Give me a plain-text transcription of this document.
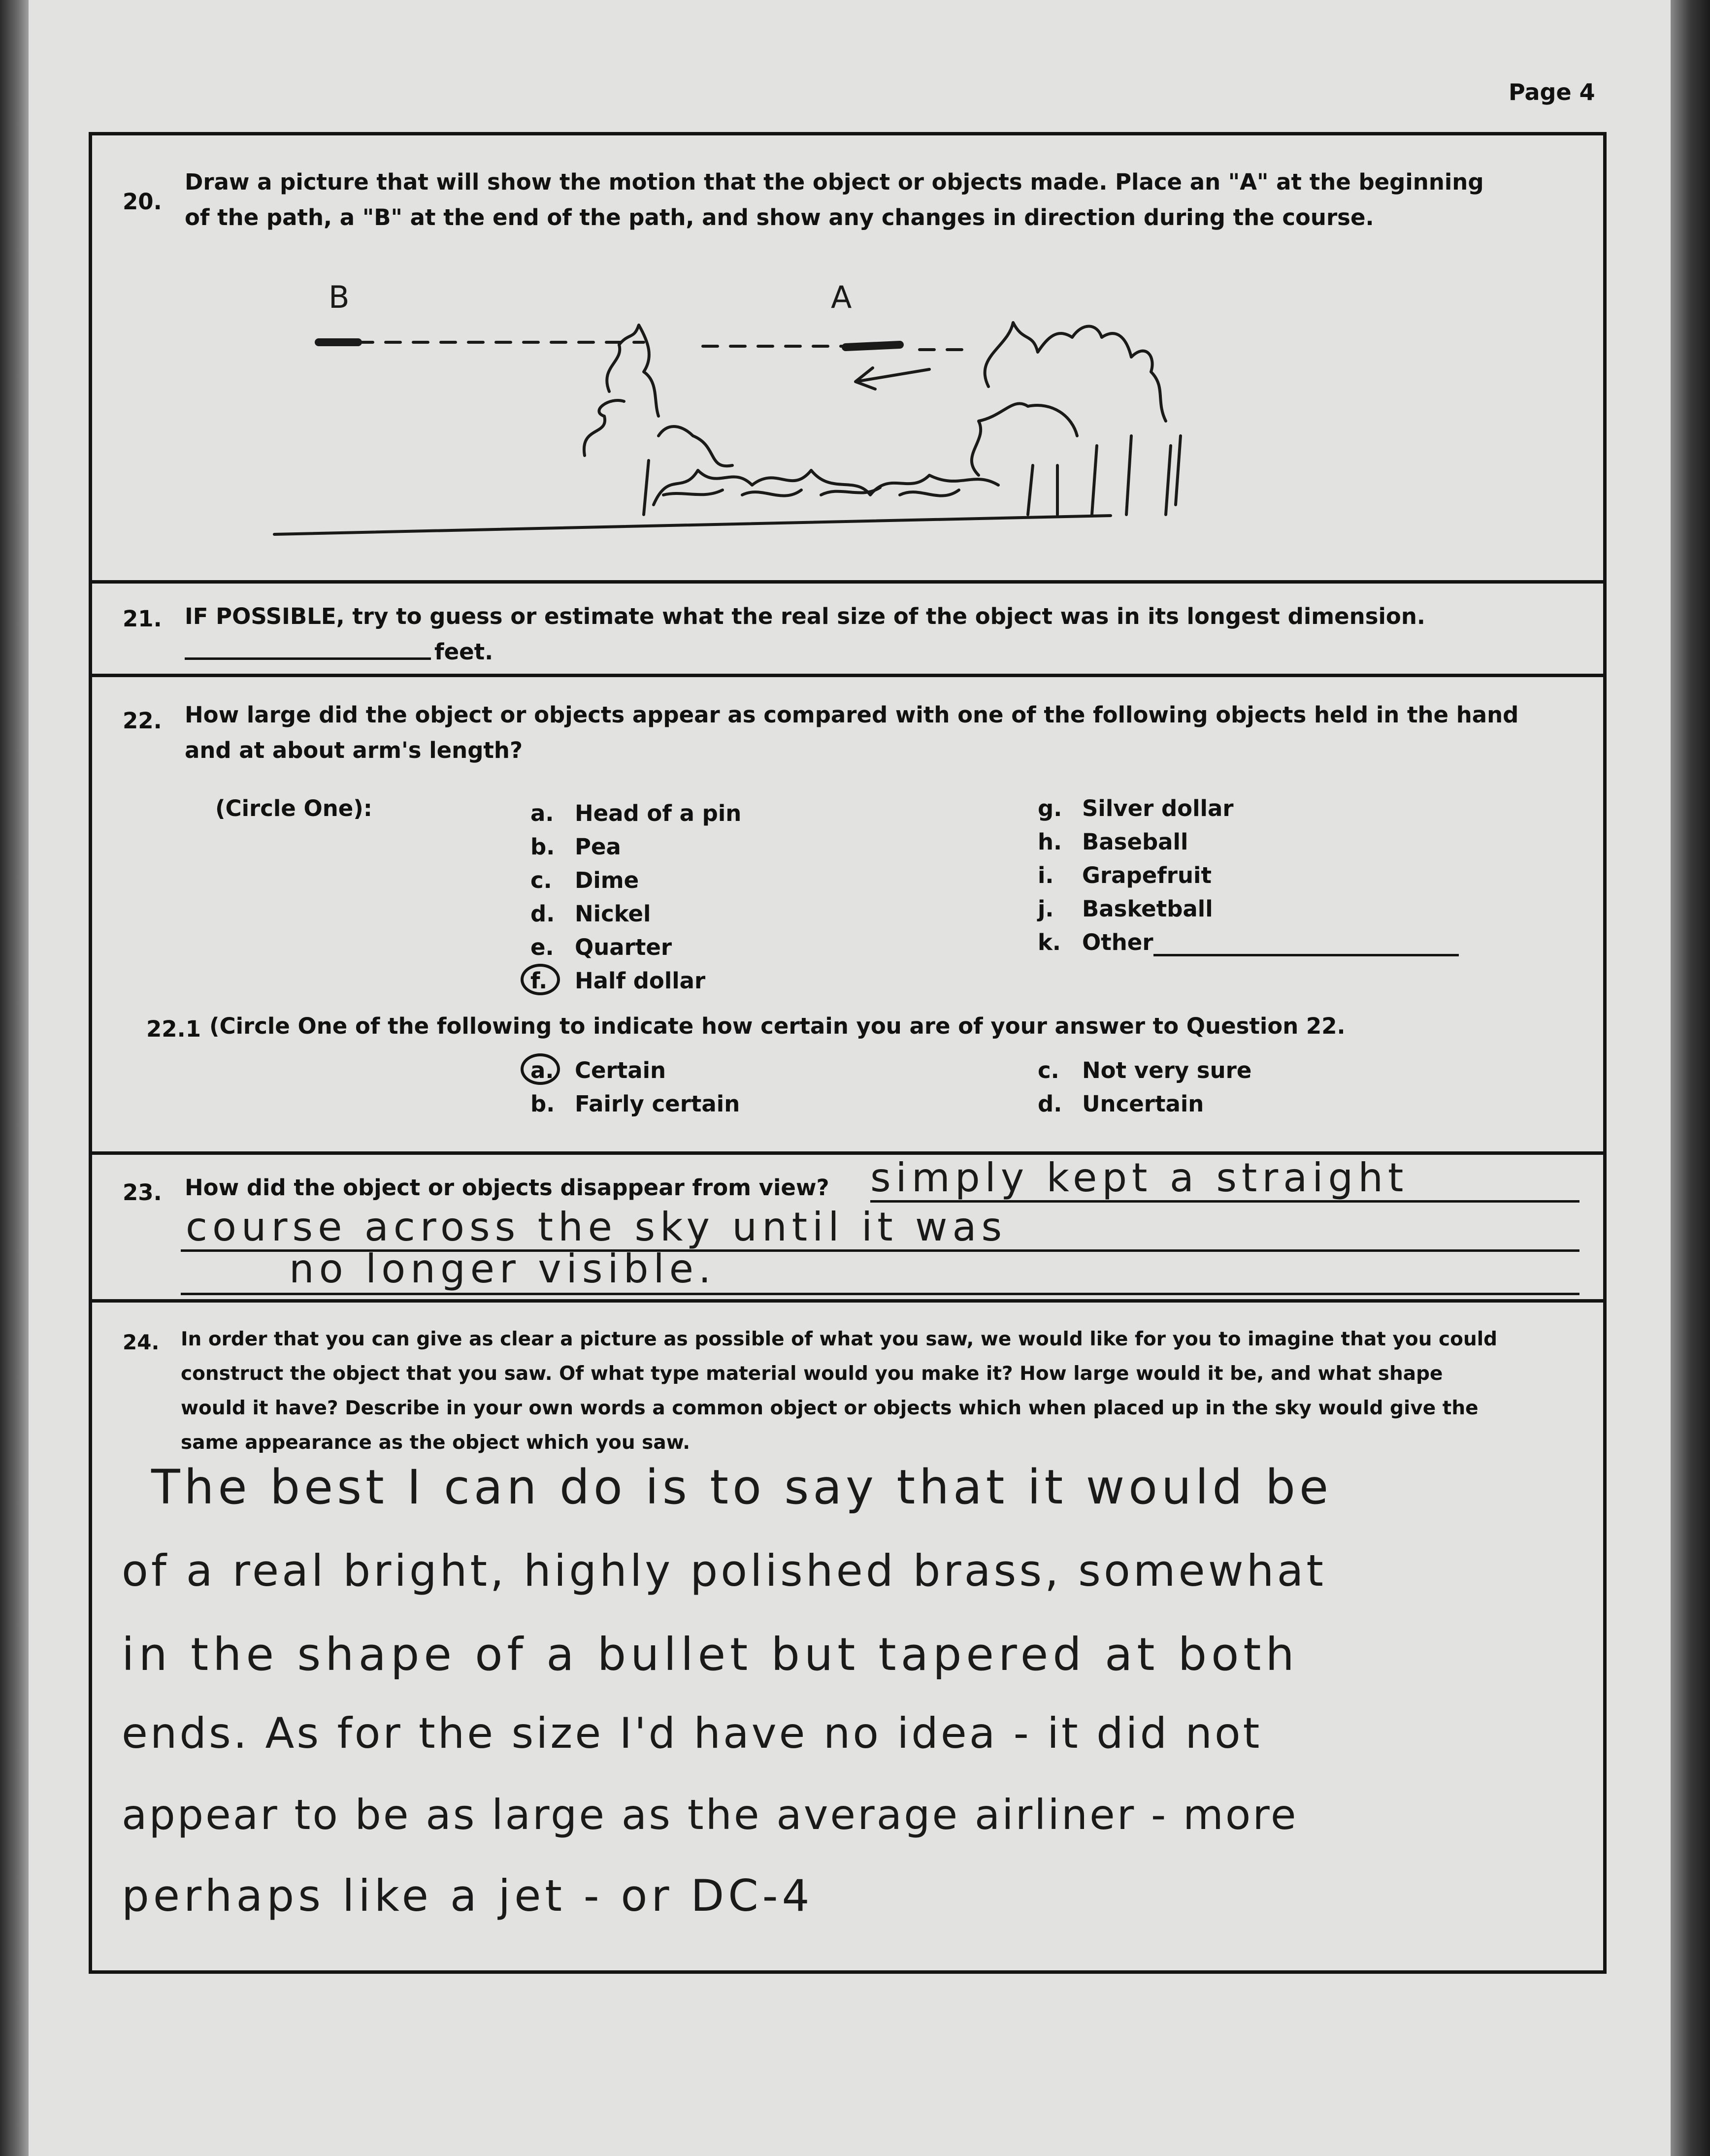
Page 4
20.
Draw a picture that will show the motion that the object or objects made. Place an "A" at the beginning
of the path, a "B" at the end of the path, and show any changes in direction during the course.
B	A
21. IF POSSIBLE, try to guess or estimate what the real size of the object was in its longest dimension.
feet.
22. How large did the object or objects appear as compared with one of the following objects held in the hand
and at about arm's length?
(Circle One):	a. Head of a pin
b. Pea
c. Dime
d. Nickel
e. Quarter
f. Half dollar
g. Silver dollar
h. Baseball
i. Grapefruit
j. Basketball
k. Other
22.1 (Circle One of the following to indicate how certain you are of your answer to Question 22.
a. Certain
b. Fairly certain
c. Not very sure
d. Uncertain
23. How did the object or objects disappear from view? simply kept a straight
course across the sky until it was
no longer visible.
24. In order that you can give as clear a picture as possible of what you saw, we would like for you to imagine that you could
construct the object that you saw. Of what type material would you make it? How large would it be, and what shape
would it have? Describe in your own words a common object or objects which when placed up in the sky would give the
same appearance as the object which you saw.
The best I can do is to say that it would be
of a real bright, highly polished brass, somewhat
in the shape of a bullet but tapered at both
ends. As for the size I'd have no idea - it did not
appear to be as large as the average airliner - more
perhaps like a jet - or DC-4
